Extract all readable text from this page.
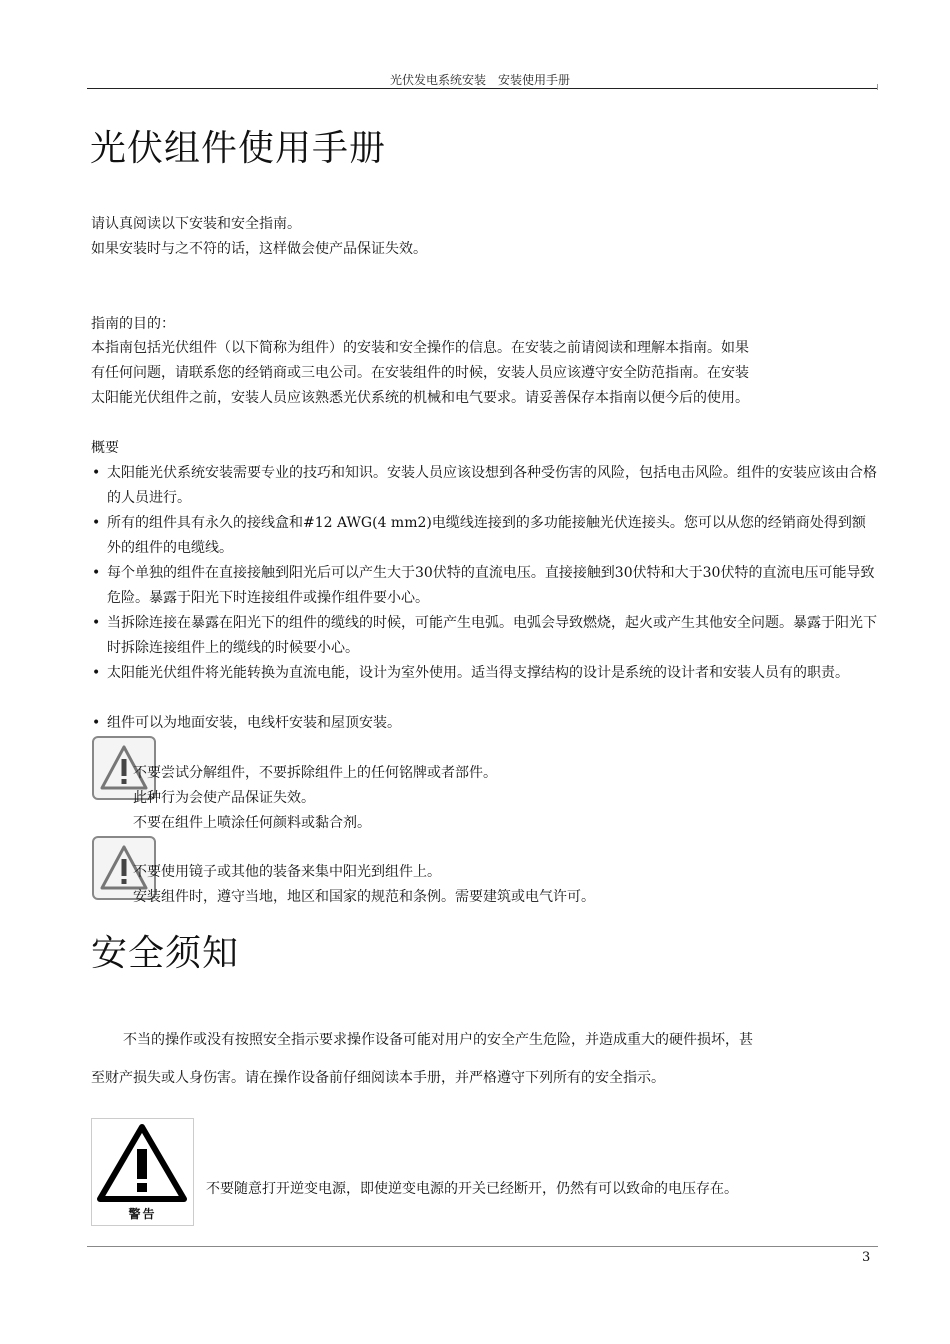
光伏发电系统安装　安装使用手册
光伏组件使用手册
请认真阅读以下安装和安全指南。
如果安装时与之不符的话，这样做会使产品保证失效。
指南的目的：
本指南包括光伏组件（以下简称为组件）的安装和安全操作的信息。在安装之前请阅读和理解本指南。如果
有任何问题，请联系您的经销商或三电公司。在安装组件的时候，安装人员应该遵守安全防范指南。在安装
太阳能光伏组件之前，安装人员应该熟悉光伏系统的机械和电气要求。请妥善保存本指南以便今后的使用。
概要
• 太阳能光伏系统安装需要专业的技巧和知识。安装人员应该设想到各种受伤害的风险，包括电击风险。组件的安装应该由合格的人员进行。
• 所有的组件具有永久的接线盒和#12 AWG(4 mm2)电缆线连接到的多功能接触光伏连接头。您可以从您的经销商处得到额外的组件的电缆线。
• 每个单独的组件在直接接触到阳光后可以产生大于30伏特的直流电压。直接接触到30伏特和大于30伏特的直流电压可能导致危险。暴露于阳光下时连接组件或操作组件要小心。
• 当拆除连接在暴露在阳光下的组件的缆线的时候，可能产生电弧。电弧会导致燃烧，起火或产生其他安全问题。暴露于阳光下时拆除连接组件上的缆线的时候要小心。
• 太阳能光伏组件将光能转换为直流电能，设计为室外使用。适当得支撑结构的设计是系统的设计者和安装人员有的职责。
• 组件可以为地面安装，电线杆安装和屋顶安装。
不要尝试分解组件，不要拆除组件上的任何铭牌或者部件。
此种行为会使产品保证失效。
不要在组件上喷涂任何颜料或黏合剂。
不要使用镜子或其他的装备来集中阳光到组件上。
安装组件时，遵守当地，地区和国家的规范和条例。需要建筑或电气许可。
安全须知
不当的操作或没有按照安全指示要求操作设备可能对用户的安全产生危险，并造成重大的硬件损坏，甚
至财产损失或人身伤害。请在操作设备前仔细阅读本手册，并严格遵守下列所有的安全指示。
警告
不要随意打开逆变电源，即使逆变电源的开关已经断开，仍然有可以致命的电压存在。
3
